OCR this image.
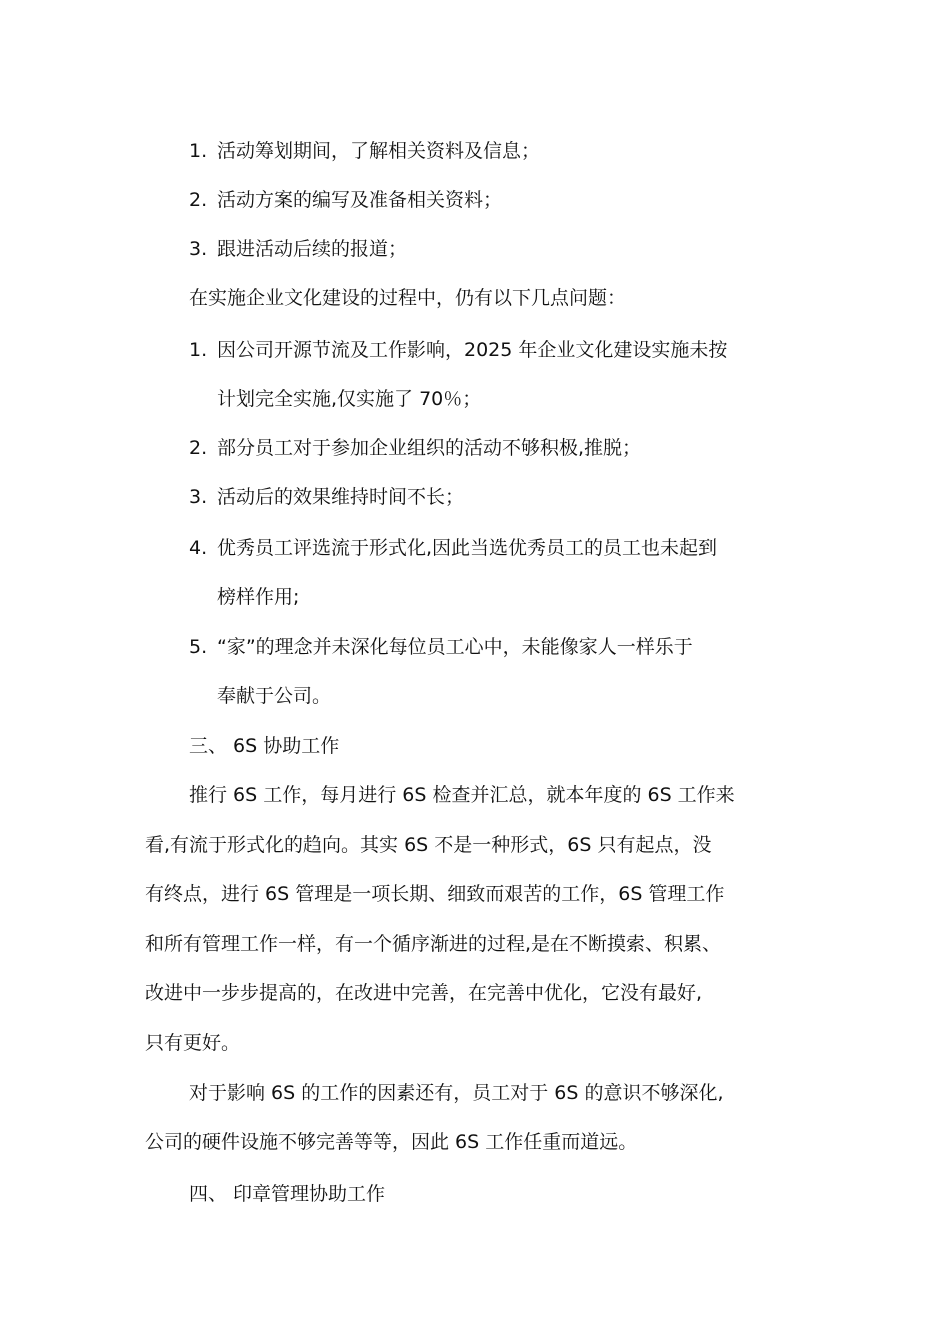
1. 活动筹划期间，了解相关资料及信息；
2. 活动方案的编写及准备相关资料；
3. 跟进活动后续的报道；
在实施企业文化建设的过程中，仍有以下几点问题：
1. 因公司开源节流及工作影响，2025 年企业文化建设实施未按
计划完全实施,仅实施了 70％；
2. 部分员工对于参加企业组织的活动不够积极,推脱；
3. 活动后的效果维持时间不长；
4. 优秀员工评选流于形式化,因此当选优秀员工的员工也未起到
榜样作用;
5. “家”的理念并未深化每位员工心中，未能像家人一样乐于
奉献于公司。
三、 6S 协助工作
推行 6S 工作，每月进行 6S 检查并汇总，就本年度的 6S 工作来
看,有流于形式化的趋向。其实 6S 不是一种形式，6S 只有起点，没
有终点，进行 6S 管理是一项长期、细致而艰苦的工作，6S 管理工作
和所有管理工作一样，有一个循序渐进的过程,是在不断摸索、积累、
改进中一步步提高的，在改进中完善，在完善中优化，它没有最好,
只有更好。
对于影响 6S 的工作的因素还有，员工对于 6S 的意识不够深化,
公司的硬件设施不够完善等等，因此 6S 工作任重而道远。
四、 印章管理协助工作
